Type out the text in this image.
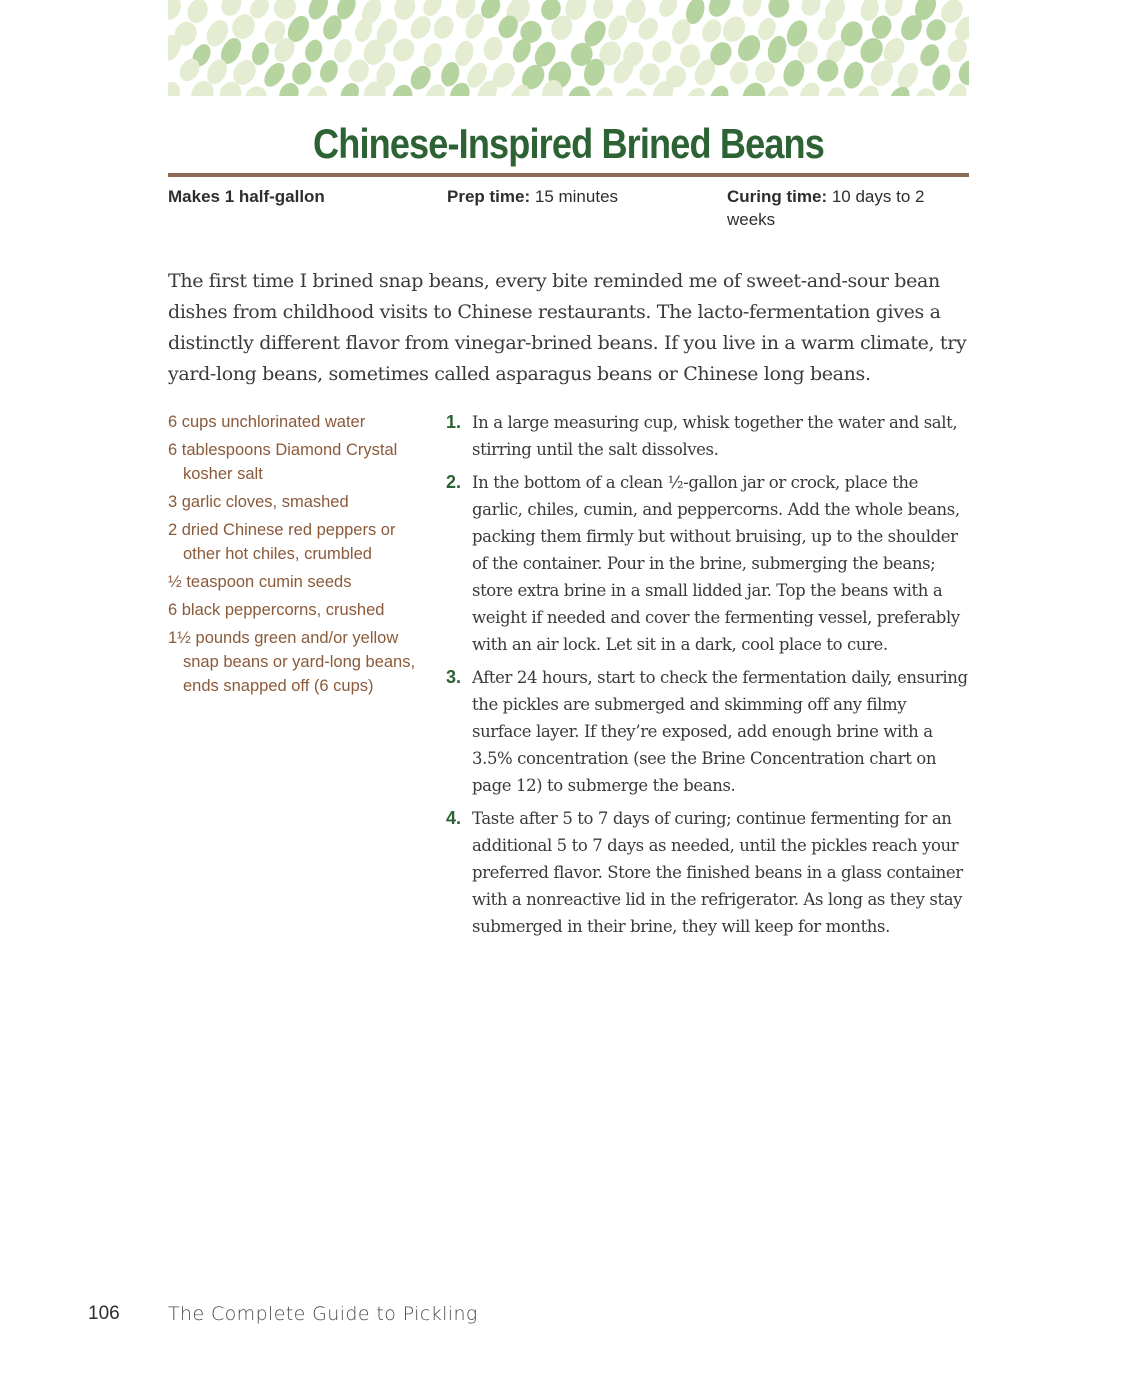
Chinese-Inspired Brined Beans
Makes 1 half-gallon	Prep time: 15 minutes	Curing time: 10 days to 2 weeks

The first time I brined snap beans, every bite reminded me of sweet-and-sour bean dishes from childhood visits to Chinese restaurants. The lacto-fermentation gives a distinctly different flavor from vinegar-brined beans. If you live in a warm climate, try yard-long beans, sometimes called asparagus beans or Chinese long beans.

6 cups unchlorinated water
6 tablespoons Diamond Crystal kosher salt
3 garlic cloves, smashed
2 dried Chinese red peppers or other hot chiles, crumbled
½ teaspoon cumin seeds
6 black peppercorns, crushed
1½ pounds green and/or yellow snap beans or yard-long beans, ends snapped off (6 cups)
1. In a large measuring cup, whisk together the water and salt, stirring until the salt dissolves.
2. In the bottom of a clean ½-gallon jar or crock, place the garlic, chiles, cumin, and peppercorns. Add the whole beans, packing them firmly but without bruising, up to the shoulder of the container. Pour in the brine, submerging the beans; store extra brine in a small lidded jar. Top the beans with a weight if needed and cover the fermenting vessel, preferably with an air lock. Let sit in a dark, cool place to cure.
3. After 24 hours, start to check the fermentation daily, ensuring the pickles are submerged and skimming off any filmy surface layer. If they’re exposed, add enough brine with a 3.5% concentration (see the Brine Concentration chart on page 12) to submerge the beans.
4. Taste after 5 to 7 days of curing; continue fermenting for an additional 5 to 7 days as needed, until the pickles reach your preferred flavor. Store the finished beans in a glass container with a nonreactive lid in the refrigerator. As long as they stay submerged in their brine, they will keep for months.
106	The Complete Guide to Pickling
